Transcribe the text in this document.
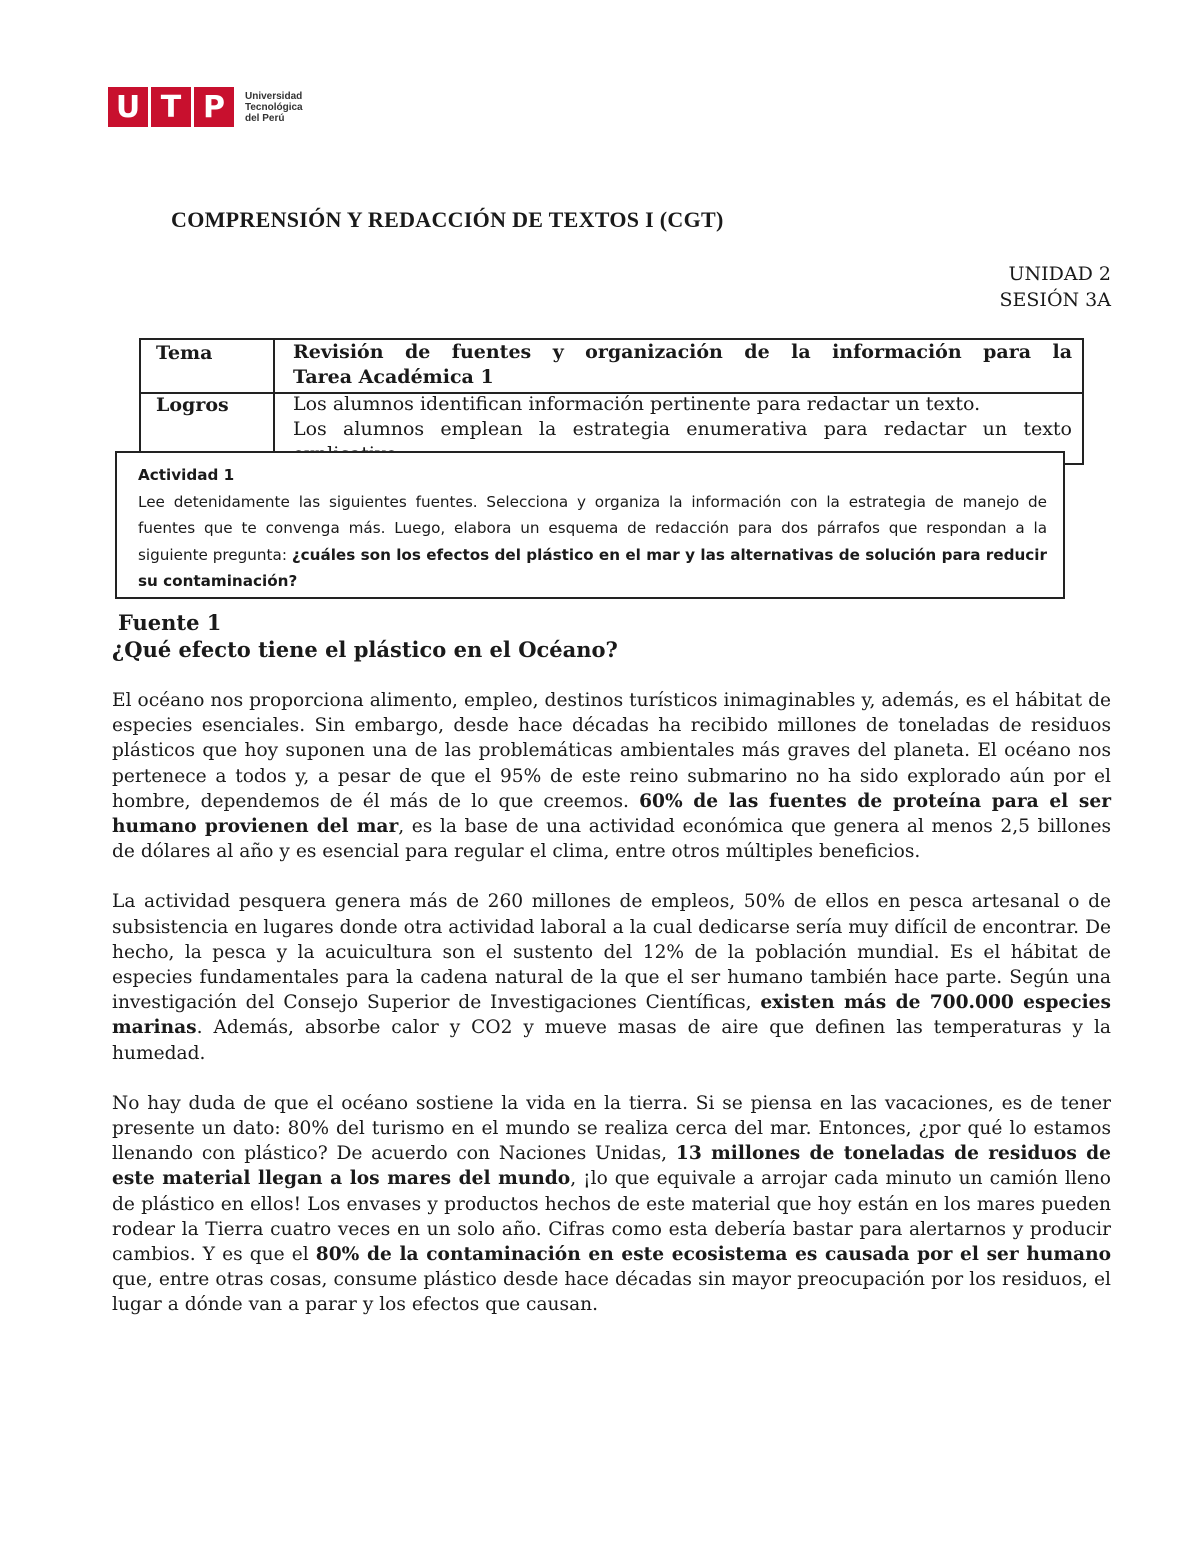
U T P	Universidad
Tecnológica
del Perú
COMPRENSIÓN Y REDACCIÓN DE TEXTOS I (CGT)
UNIDAD 2
SESIÓN 3A
Tema	Revisión de fuentes y organización de la información para la
Tarea Académica 1
Logros	Los alumnos identifican información pertinente para redactar un texto.
Los alumnos emplean la estrategia enumerativa para redactar un texto
Actividad 1
Lee detenidamente las siguientes fuentes. Selecciona y organiza la información con la estrategia de manejo de fuentes que te convenga más. Luego, elabora un esquema de redacción para dos párrafos que respondan a la siguiente pregunta: ¿cuáles son los efectos del plástico en el mar y las alternativas de solución para reducir su contaminación?
Fuente 1
¿Qué efecto tiene el plástico en el Océano?

El océano nos proporciona alimento, empleo, destinos turísticos inimaginables y, además, es el hábitat de especies esenciales. Sin embargo, desde hace décadas ha recibido millones de toneladas de residuos plásticos que hoy suponen una de las problemáticas ambientales más graves del planeta. El océano nos pertenece a todos y, a pesar de que el 95% de este reino submarino no ha sido explorado aún por el hombre, dependemos de él más de lo que creemos. 60% de las fuentes de proteína para el ser humano provienen del mar, es la base de una actividad económica que genera al menos 2,5 billones de dólares al año y es esencial para regular el clima, entre otros múltiples beneficios.

La actividad pesquera genera más de 260 millones de empleos, 50% de ellos en pesca artesanal o de subsistencia en lugares donde otra actividad laboral a la cual dedicarse sería muy difícil de encontrar. De hecho, la pesca y la acuicultura son el sustento del 12% de la población mundial. Es el hábitat de especies fundamentales para la cadena natural de la que el ser humano también hace parte. Según una investigación del Consejo Superior de Investigaciones Científicas, existen más de 700.000 especies marinas. Además, absorbe calor y CO2 y mueve masas de aire que definen las temperaturas y la humedad.

No hay duda de que el océano sostiene la vida en la tierra. Si se piensa en las vacaciones, es de tener presente un dato: 80% del turismo en el mundo se realiza cerca del mar. Entonces, ¿por qué lo estamos llenando con plástico? De acuerdo con Naciones Unidas, 13 millones de toneladas de residuos de este material llegan a los mares del mundo, ¡lo que equivale a arrojar cada minuto un camión lleno de plástico en ellos! Los envases y productos hechos de este material que hoy están en los mares pueden rodear la Tierra cuatro veces en un solo año. Cifras como esta debería bastar para alertarnos y producir cambios. Y es que el 80% de la contaminación en este ecosistema es causada por el ser humano que, entre otras cosas, consume plástico desde hace décadas sin mayor preocupación por los residuos, el lugar a dónde van a parar y los efectos que causan.
